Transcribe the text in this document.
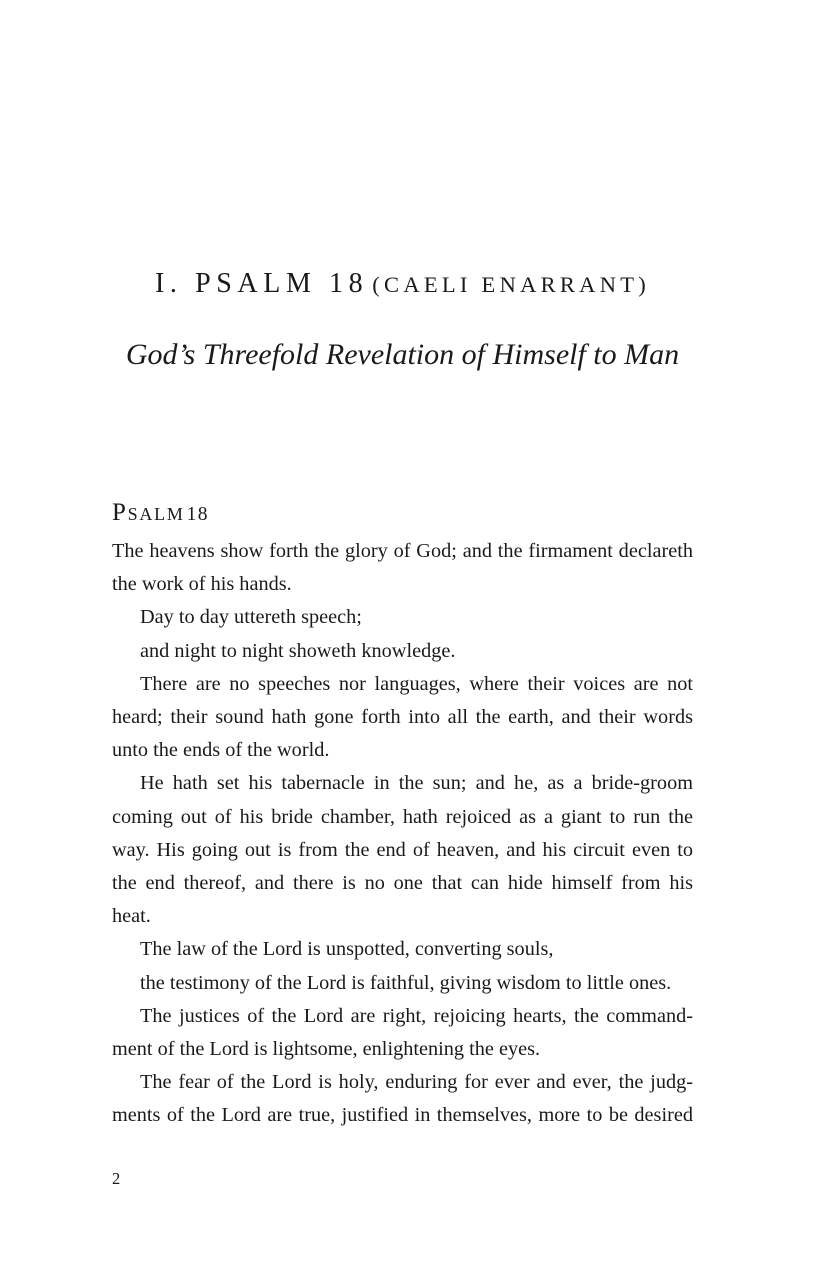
I. PSALM 18 (CAELI ENARRANT)
God’s Threefold Revelation of Himself to Man
Psalm 18
The heavens show forth the glory of God; and the firmament declareth
the work of his hands.
Day to day uttereth speech;
and night to night showeth knowledge.
There are no speeches nor languages, where their voices are not
heard; their sound hath gone forth into all the earth, and their words
unto the ends of the world.
He hath set his tabernacle in the sun; and he, as a bride-groom
coming out of his bride chamber, hath rejoiced as a giant to run the
way. His going out is from the end of heaven, and his circuit even to
the end thereof, and there is no one that can hide himself from his
heat.
The law of the Lord is unspotted, converting souls,
the testimony of the Lord is faithful, giving wisdom to little ones.
The justices of the Lord are right, rejoicing hearts, the command-
ment of the Lord is lightsome, enlightening the eyes.
The fear of the Lord is holy, enduring for ever and ever, the judg-
ments of the Lord are true, justified in themselves, more to be desired
2
